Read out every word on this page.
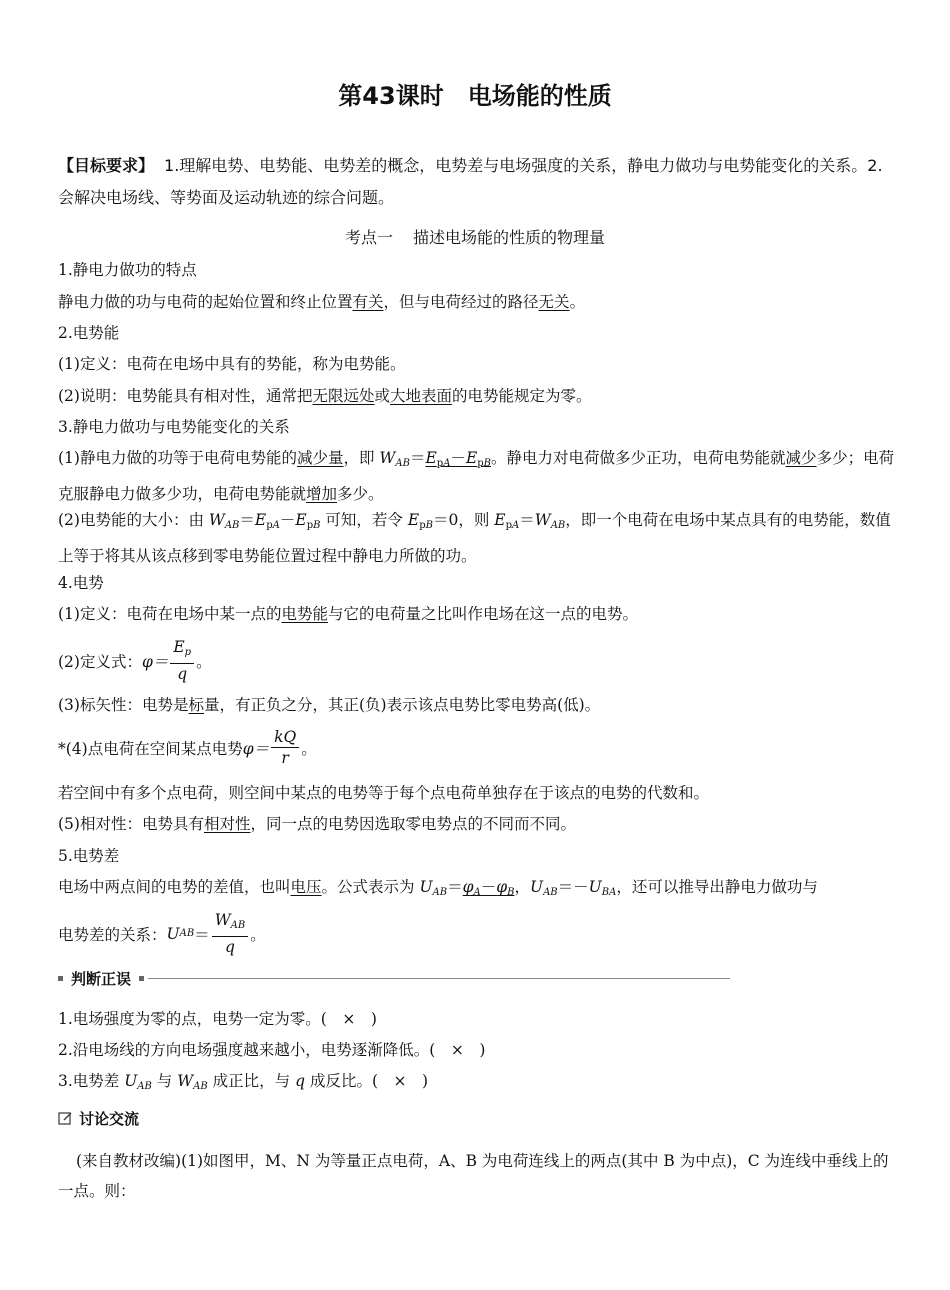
第43课时　电场能的性质
【目标要求】 1.理解电势、电势能、电势差的概念，电势差与电场强度的关系，静电力做功与电势能变化的关系。2.会解决电场线、等势面及运动轨迹的综合问题。
考点一 描述电场能的性质的物理量
1.静电力做功的特点
静电力做的功与电荷的起始位置和终止位置有关，但与电荷经过的路径无关。
2.电势能
(1)定义：电荷在电场中具有的势能，称为电势能。
(2)说明：电势能具有相对性，通常把无限远处或大地表面的电势能规定为零。
3.静电力做功与电势能变化的关系
(1)静电力做的功等于电荷电势能的减少量，即 $W_{AB}=E_{pA}-E_{pB}$。静电力对电荷做多少正功，电荷电势能就减少多少；电荷克服静电力做多少功，电荷电势能就增加多少。
(2)电势能的大小：由 $W_{AB}=E_{pA}-E_{pB}$ 可知，若令 $E_{pB}=0$，则 $E_{pA}=W_{AB}$，即一个电荷在电场中某点具有的电势能，数值上等于将其从该点移到零电势能位置过程中静电力所做的功。
4.电势
(1)定义：电荷在电场中某一点的电势能与它的电荷量之比叫作电场在这一点的电势。
(2)定义式： $\varphi= \frac{E_p}{q}$ 。
(3)标矢性：电势是标量，有正负之分，其正(负)表示该点电势比零电势高(低)。
*(4)点电荷在空间某点电势 $\varphi= \frac{kQ}{r}$ 。
若空间中有多个点电荷，则空间中某点的电势等于每个点电荷单独存在于该点的电势的代数和。
(5)相对性：电势具有相对性，同一点的电势因选取零电势点的不同而不同。
5.电势差
电场中两点间的电势的差值，也叫电压。公式表示为 $U_{AB}=\varphi_A-\varphi_B$，$U_{AB}=-U_{BA}$，还可以推导出静电力做功与
电势差的关系： U AB ＝ $\frac{W_{AB}}{q}$ 。
判断正误
1.电场强度为零的点，电势一定为零。(　×　)
2.沿电场线的方向电场强度越来越小，电势逐渐降低。(　×　)
3.电势差 $U_{AB}$ 与 $W_{AB}$ 成正比，与 q 成反比。(　×　)
讨论交流
(来自教材改编)(1)如图甲，M、N 为等量正点电荷，A、B 为电荷连线上的两点(其中 B 为中点)，C 为连线中垂线上的一点。则：
